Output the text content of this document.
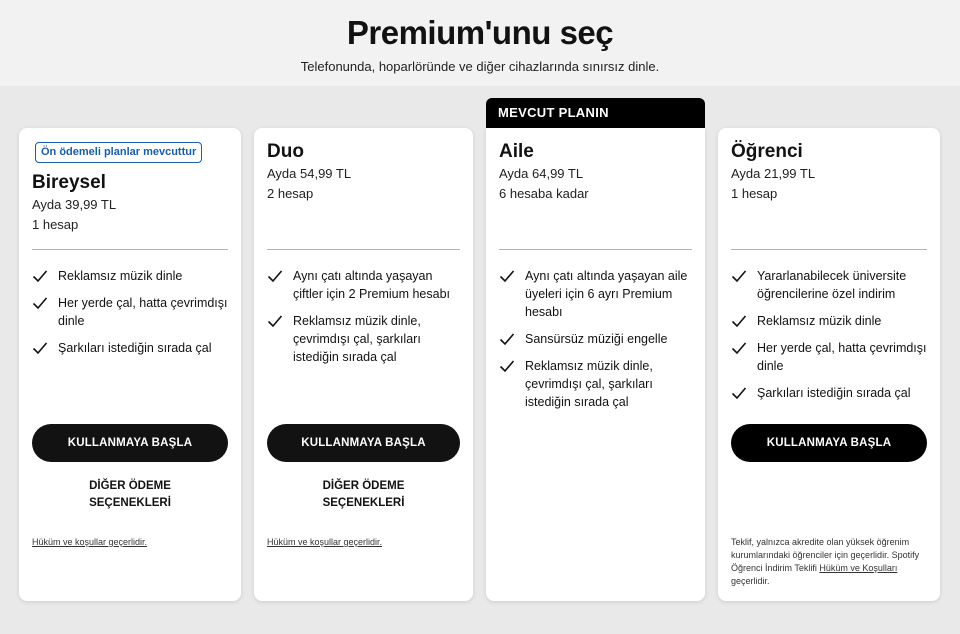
Premium'unu seç

Telefonunda, hoparlöründe ve diğer cihazlarında sınırsız dinle.

Ön ödemeli planlar mevcuttur
Bireysel
Ayda 39,99 TL
1 hesap
Reklamsız müzik dinle
Her yerde çal, hatta çevrimdışı dinle
Şarkıları istediğin sırada çal
KULLANMAYA BAŞLA
DİĞER ÖDEME
SEÇENEKLERİ
Hüküm ve koşullar geçerlidir.
Duo
Ayda 54,99 TL
2 hesap
Aynı çatı altında yaşayan çiftler için 2 Premium hesabı
Reklamsız müzik dinle, çevrimdışı çal, şarkıları istediğin sırada çal
KULLANMAYA BAŞLA
DİĞER ÖDEME
SEÇENEKLERİ
Hüküm ve koşullar geçerlidir.
MEVCUT PLANIN
Aile
Ayda 64,99 TL
6 hesaba kadar
Aynı çatı altında yaşayan aile üyeleri için 6 ayrı Premium hesabı
Sansürsüz müziği engelle
Reklamsız müzik dinle, çevrimdışı çal, şarkıları istediğin sırada çal
Öğrenci
Ayda 21,99 TL
1 hesap
Yararlanabilecek üniversite öğrencilerine özel indirim
Reklamsız müzik dinle
Her yerde çal, hatta çevrimdışı dinle
Şarkıları istediğin sırada çal
KULLANMAYA BAŞLA
Teklif, yalnızca akredite olan yüksek öğrenim kurumlarındaki öğrenciler için geçerlidir. Spotify Öğrenci İndirim Teklifi Hüküm ve Koşulları geçerlidir.
